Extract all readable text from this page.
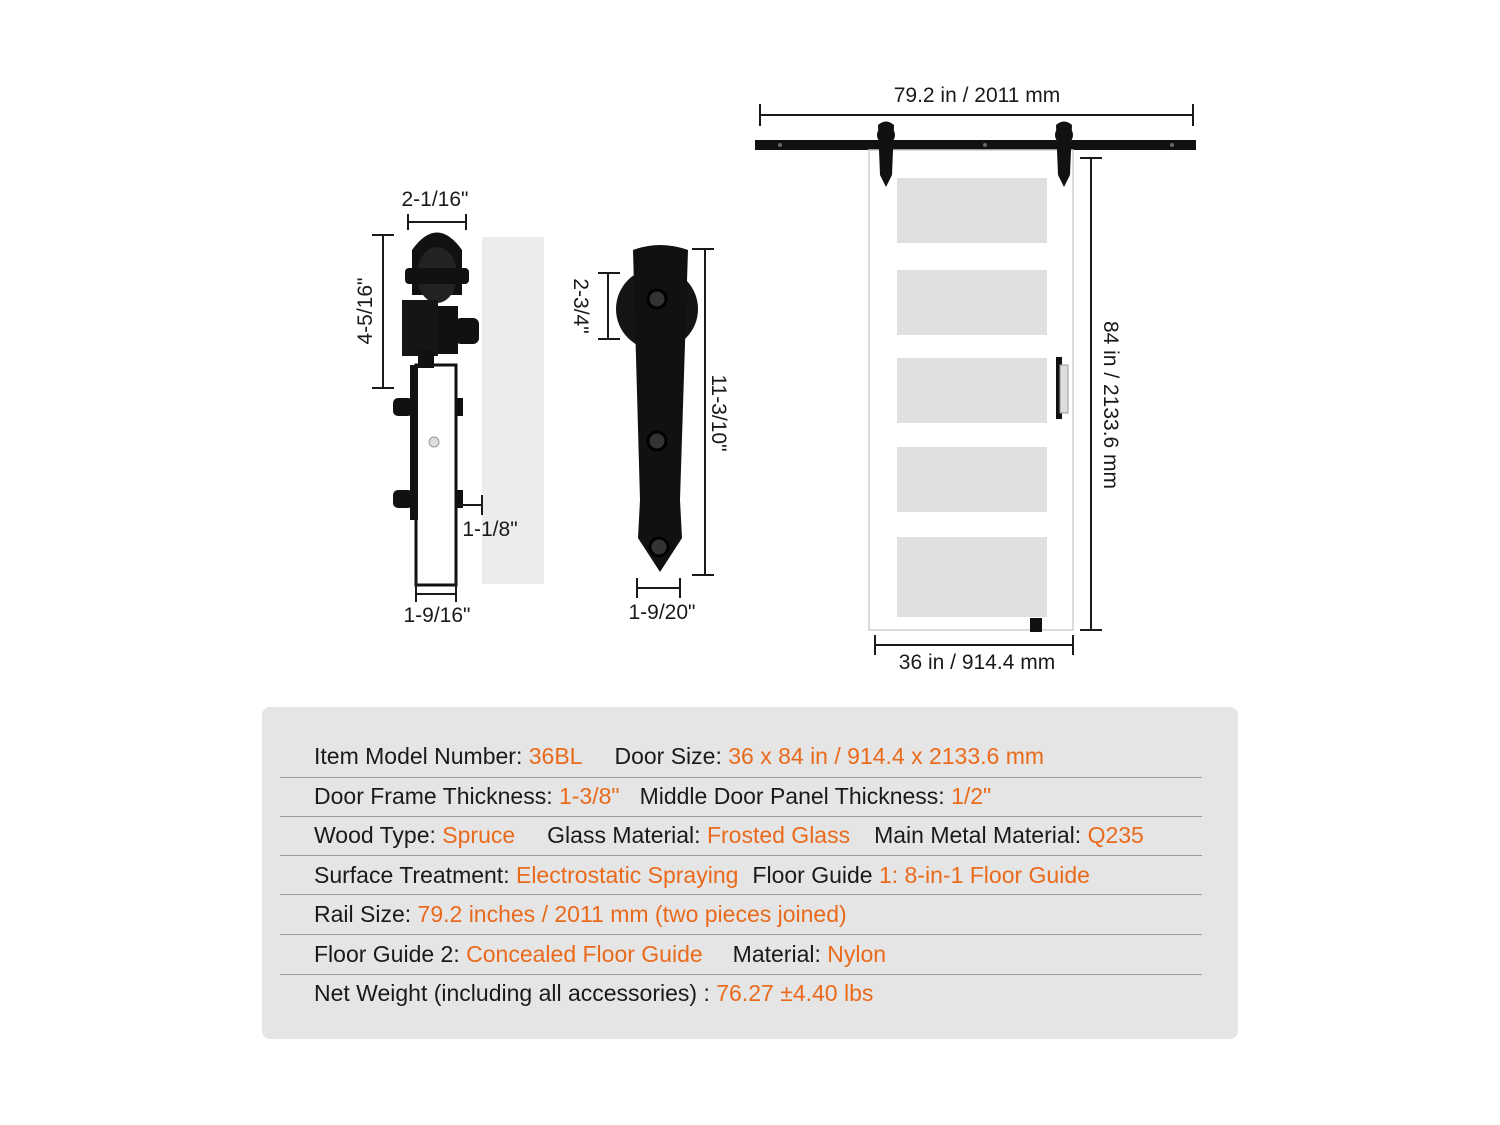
2-1/16"
4-5/16"
1-1/8"
1-9/16"
2-3/4"
11-3/10"
1-9/20"
79.2 in / 2011 mm
84 in / 2133.6 mm
36 in / 914.4 mm
Item Model Number: 36BL Door Size: 36 x 84 in / 914.4 x 2133.6 mm
Door Frame Thickness: 1-3/8" Middle Door Panel Thickness: 1/2"
Wood Type: Spruce Glass Material: Frosted Glass Main Metal Material: Q235
Surface Treatment: Electrostatic Spraying Floor Guide 1: 8-in-1 Floor Guide
Rail Size: 79.2 inches / 2011 mm (two pieces joined)
Floor Guide 2: Concealed Floor Guide Material: Nylon
Net Weight (including all accessories) : 76.27 ±4.40 lbs
